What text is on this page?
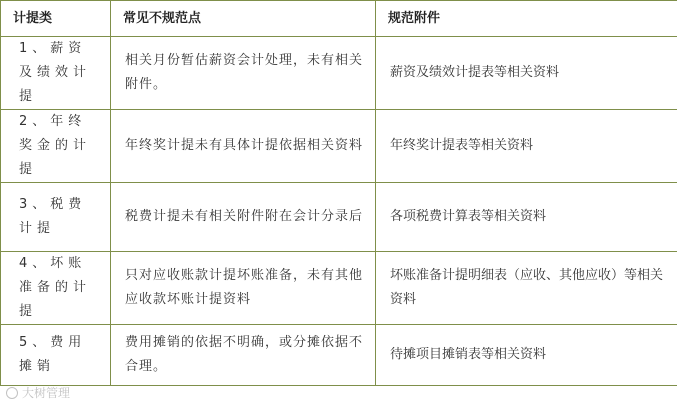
计提类	常见不规范点	规范附件
1、薪资及绩效计提	相关月份暂估薪资会计处理，未有相关附件。	薪资及绩效计提表等相关资料
2、年终奖金的计提	年终奖计提未有具体计提依据相关资料	年终奖计提表等相关资料
3、税费计提	税费计提未有相关附件附在会计分录后	各项税费计算表等相关资料
4、坏账准备的计提	只对应收账款计提坏账准备，未有其他应收款坏账计提资料	坏账准备计提明细表（应收、其他应收）等相关资料
5、费用摊销	费用摊销的依据不明确，或分摊依据不合理。	待摊项目摊销表等相关资料
大树管理
